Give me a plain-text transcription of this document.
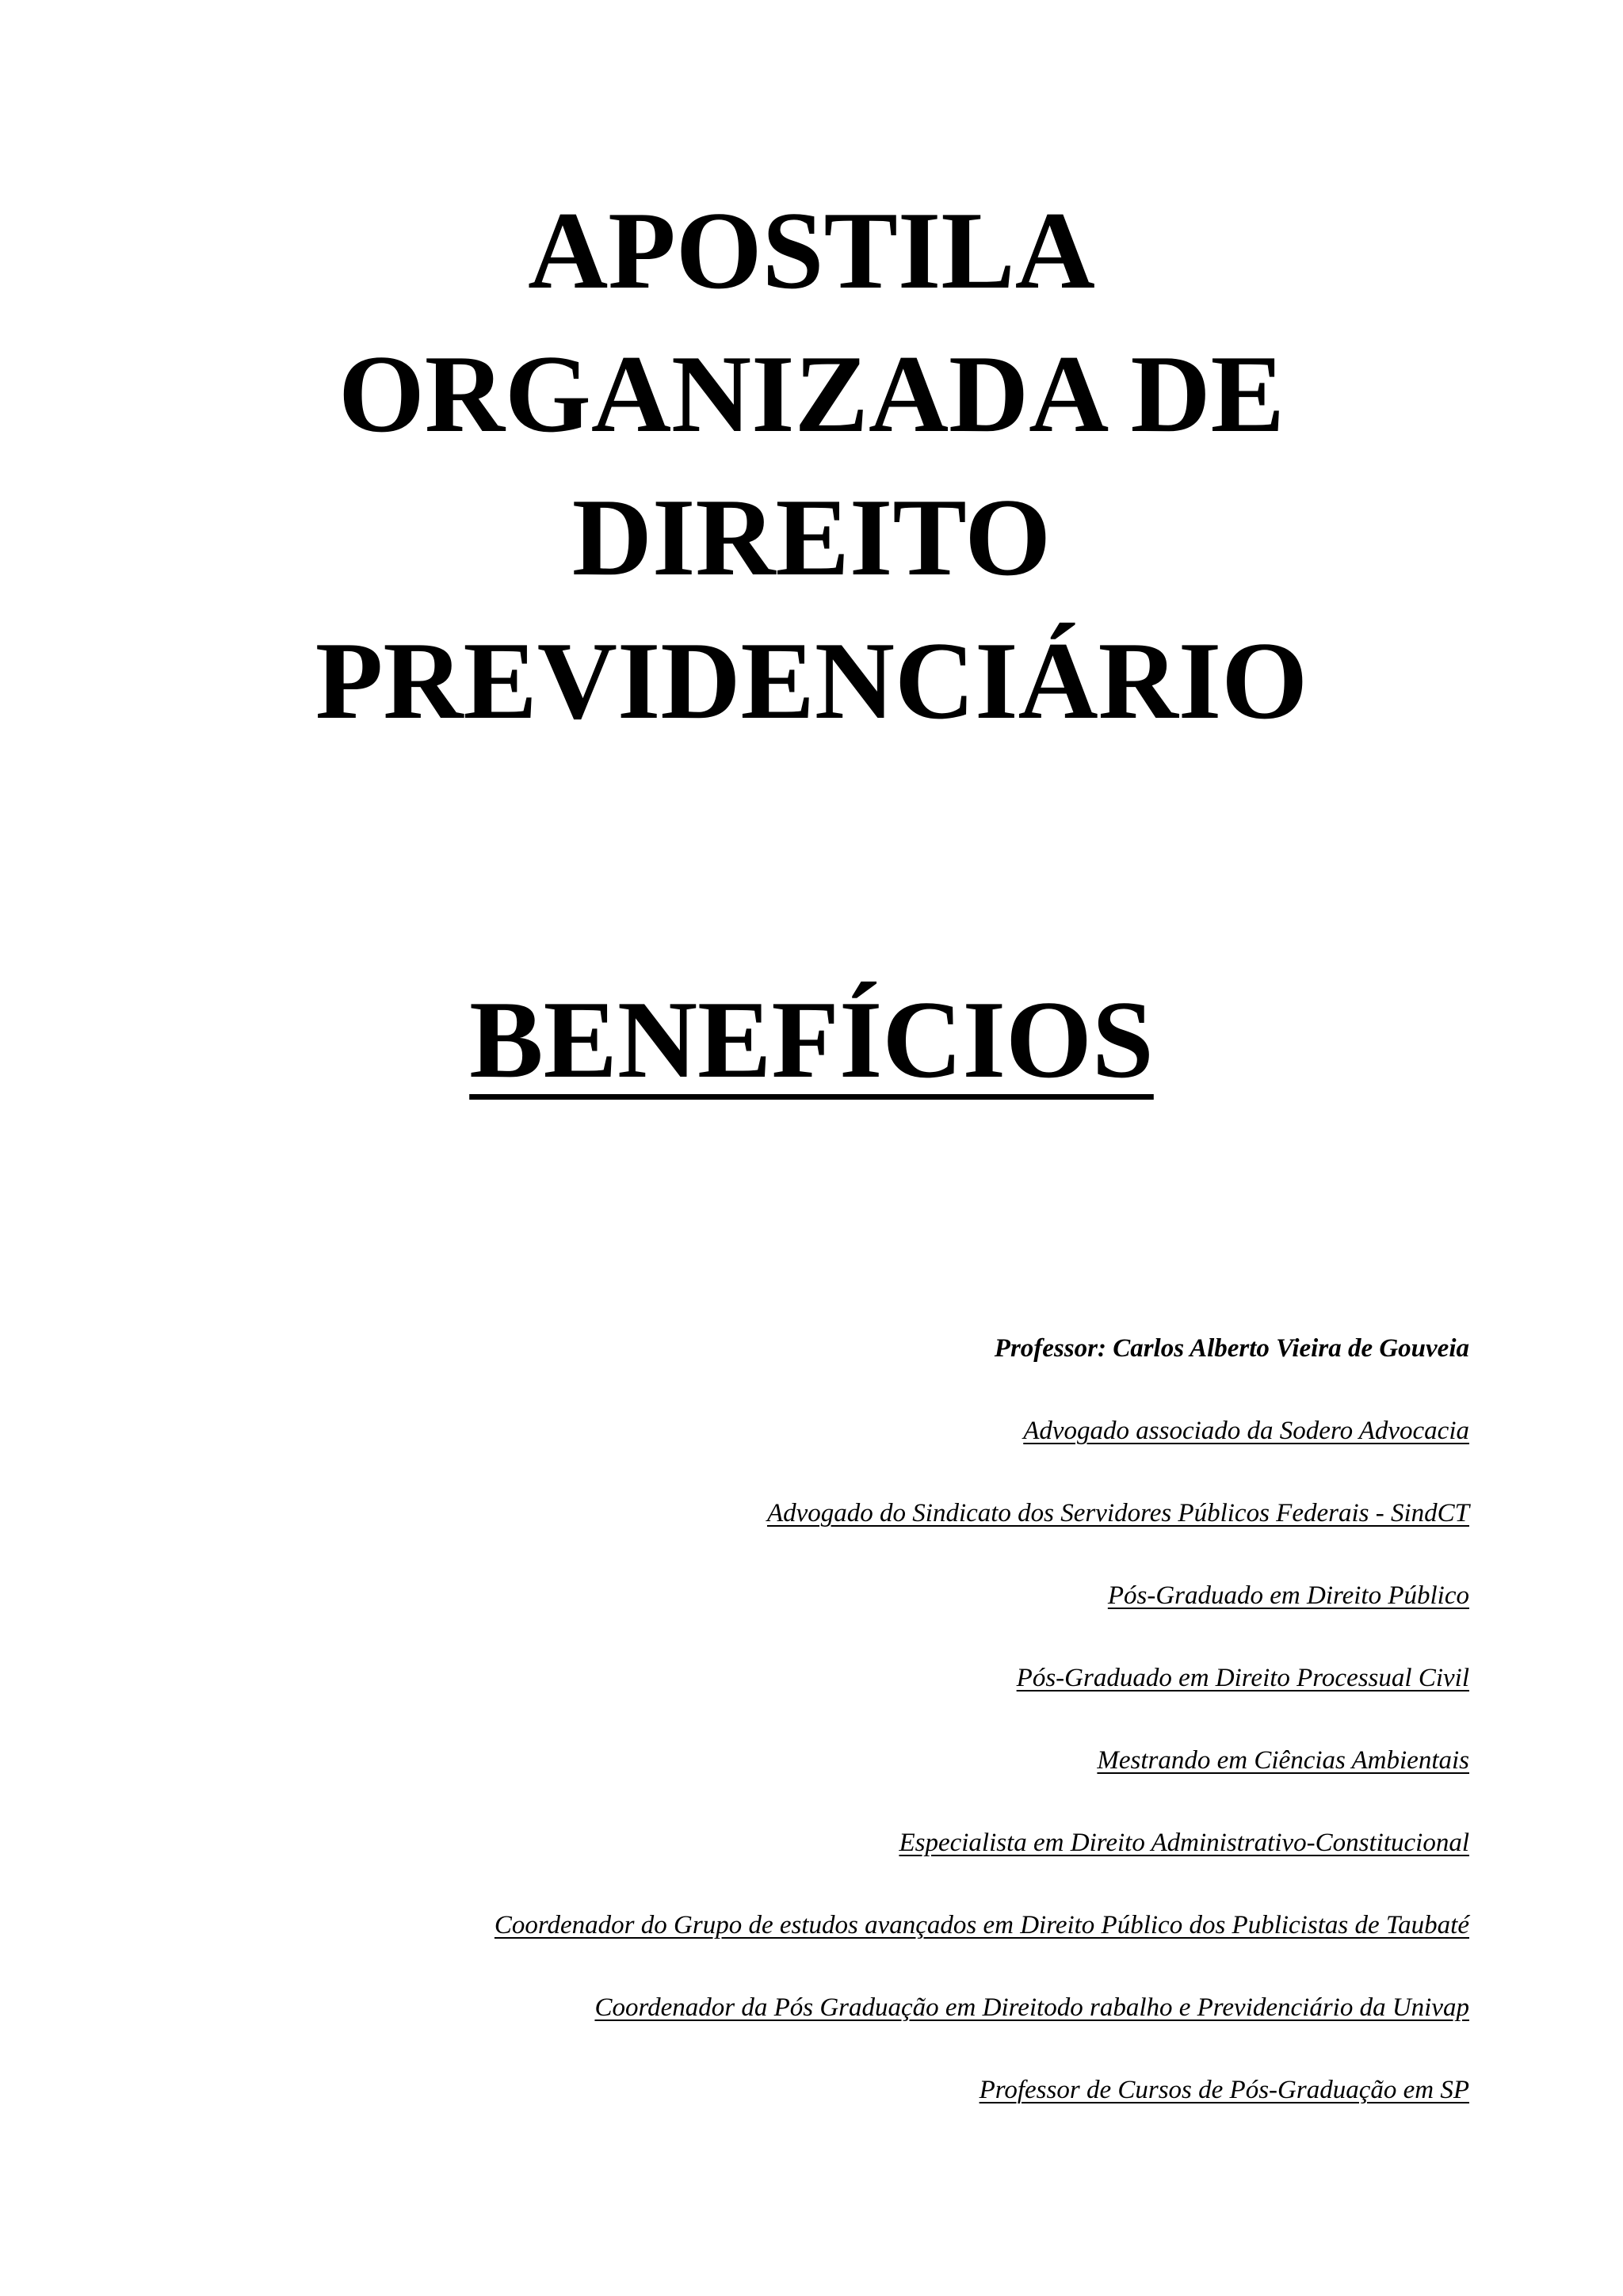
APOSTILA
ORGANIZADA DE
DIREITO
PREVIDENCIÁRIO
BENEFÍCIOS
Professor: Carlos Alberto Vieira de Gouveia
Advogado associado da Sodero Advocacia
Advogado do Sindicato dos Servidores Públicos Federais - SindCT
Pós-Graduado em Direito Público
Pós-Graduado em Direito Processual Civil
Mestrando em Ciências Ambientais
Especialista em Direito Administrativo-Constitucional
Coordenador do Grupo de estudos avançados em Direito Público dos Publicistas de Taubaté
Coordenador da Pós Graduação em Direitodo rabalho e Previdenciário da Univap
Professor de Cursos de Pós-Graduação em SP
